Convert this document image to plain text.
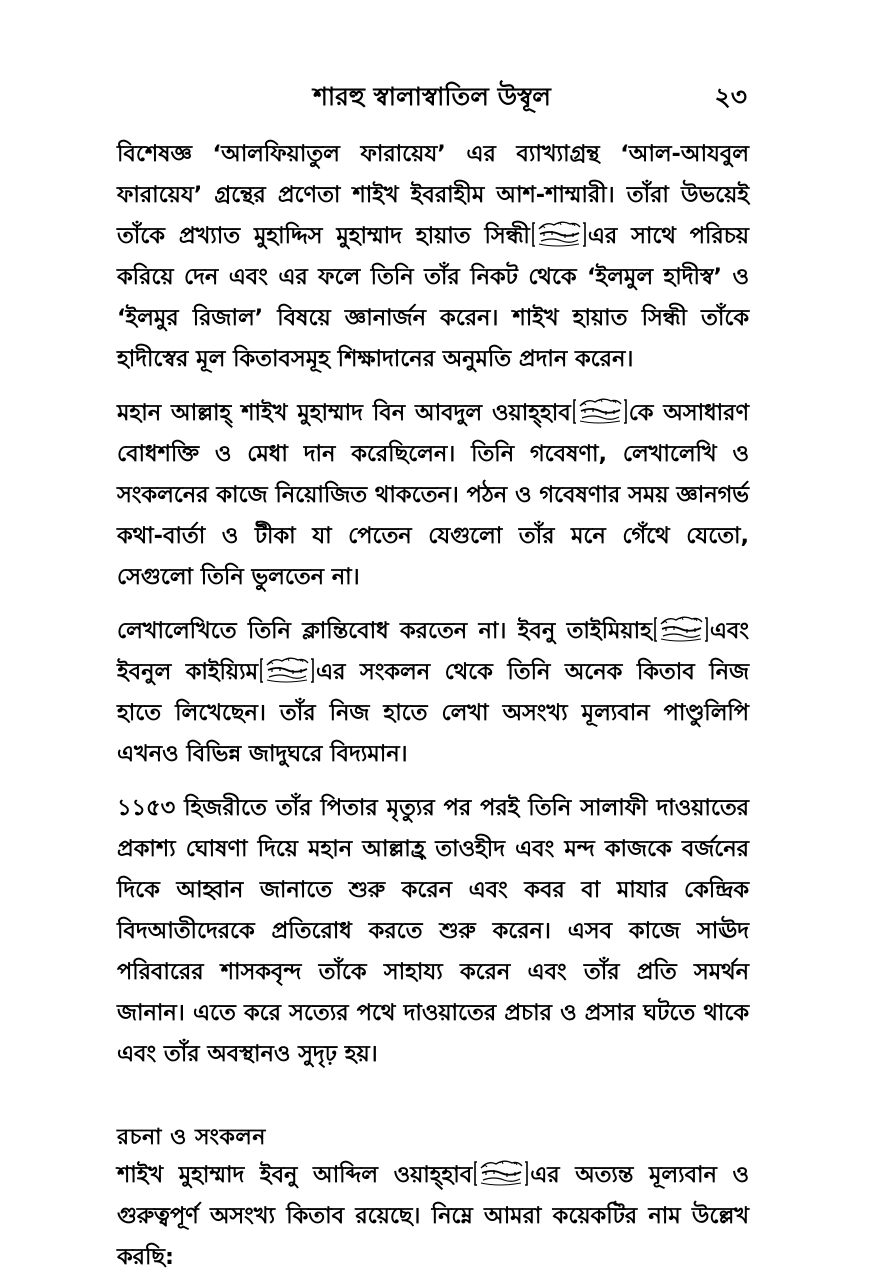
শারহু স্বালাস্বাতিল উস্বূল	২৩

বিশেষজ্ঞ ‘আলফিয়াতুল ফারায়েয’ এর ব্যাখ্যাগ্রন্থ ‘আল-আযবুল ফারায়েয’ গ্রন্থের প্রণেতা শাইখ ইবরাহীম আশ-শাম্মারী। তাঁরা উভয়েই তাঁকে প্রখ্যাত মুহাদ্দিস মুহাম্মাদ হায়াত সিন্ধী	এর সাথে পরিচয় করিয়ে দেন এবং এর ফলে তিনি তাঁর নিকট থেকে ‘ইলমুল হাদীস্ব’ ও ‘ইলমুর রিজাল’ বিষয়ে জ্ঞানার্জন করেন। শাইখ হায়াত সিন্ধী তাঁকে হাদীস্বের মূল কিতাবসমূহ শিক্ষাদানের অনুমতি প্রদান করেন।

মহান আল্লাহ্ শাইখ মুহাম্মাদ বিন আবদুল ওয়াহ্হাব	কে অসাধারণ বোধশক্তি ও মেধা দান করেছিলেন। তিনি গবেষণা, লেখালেখি ও সংকলনের কাজে নিয়োজিত থাকতেন। পঠন ও গবেষণার সময় জ্ঞানগর্ভ কথা-বার্তা ও টীকা যা পেতেন যেগুলো তাঁর মনে গেঁথে যেতো, সেগুলো তিনি ভুলতেন না।

লেখালেখিতে তিনি ক্লান্তিবোধ করতেন না। ইবনু তাইমিয়াহ	এবং ইবনুল কাইয়্যিম	এর সংকলন থেকে তিনি অনেক কিতাব নিজ হাতে লিখেছেন। তাঁর নিজ হাতে লেখা অসংখ্য মূল্যবান পাণ্ডুলিপি এখনও বিভিন্ন জাদুঘরে বিদ্যমান।

১১৫৩ হিজরীতে তাঁর পিতার মৃত্যুর পর পরই তিনি সালাফী দাওয়াতের প্রকাশ্য ঘোষণা দিয়ে মহান আল্লাহ্র তাওহীদ এবং মন্দ কাজকে বর্জনের দিকে আহ্বান জানাতে শুরু করেন এবং কবর বা মাযার কেন্দ্রিক বিদআতীদেরকে প্রতিরোধ করতে শুরু করেন। এসব কাজে সাঊদ পরিবারের শাসকবৃন্দ তাঁকে সাহায্য করেন এবং তাঁর প্রতি সমর্থন জানান। এতে করে সত্যের পথে দাওয়াতের প্রচার ও প্রসার ঘটতে থাকে এবং তাঁর অবস্থানও সুদৃঢ় হয়।

রচনা ও সংকলন

শাইখ মুহাম্মাদ ইবনু আব্দিল ওয়াহ্হাব	এর অত্যন্ত মূল্যবান ও গুরুত্বপূর্ণ অসংখ্য কিতাব রয়েছে। নিম্নে আমরা কয়েকটির নাম উল্লেখ করছি:
